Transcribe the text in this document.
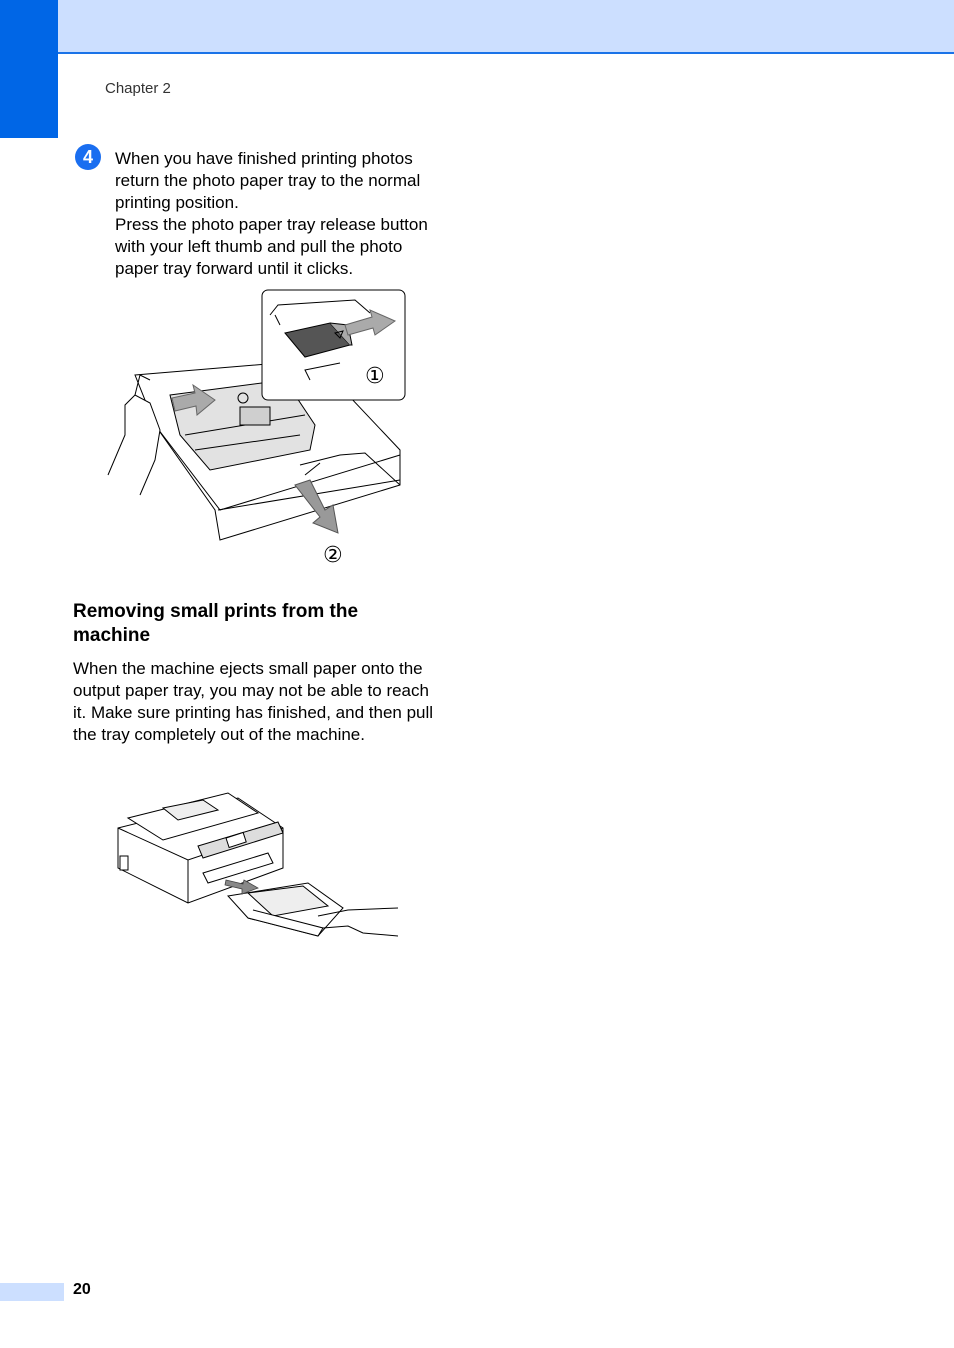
Chapter 2
4	When you have finished printing photos return the photo paper tray to the normal printing position.

Press the photo paper tray release button with your left thumb and pull the photo paper tray forward until it clicks.

①
②
Removing small prints from the machine

When the machine ejects small paper onto the output paper tray, you may not be able to reach it. Make sure printing has finished, and then pull the tray completely out of the machine.

20
